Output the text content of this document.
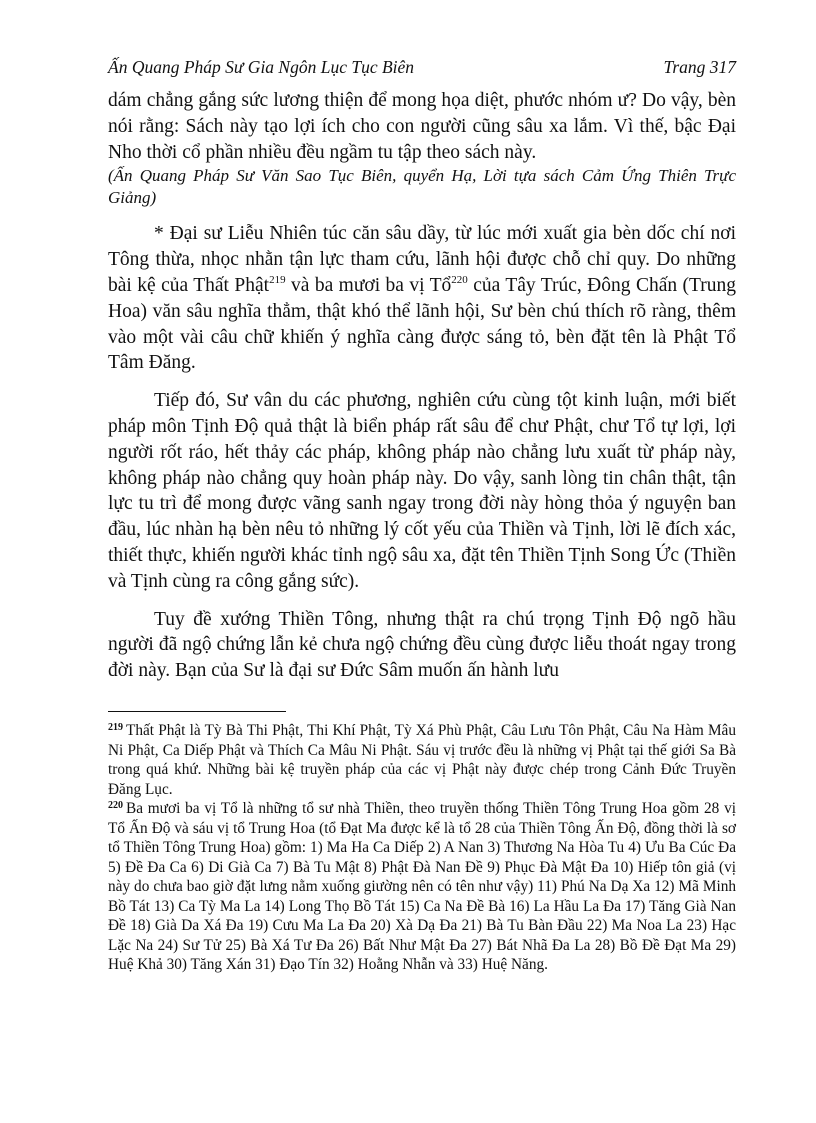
Ấn Quang Pháp Sư Gia Ngôn Lục Tục Biên	Trang 317

dám chẳng gắng sức lương thiện để mong họa diệt, phước nhóm ư? Do vậy, bèn nói rằng: Sách này tạo lợi ích cho con người cũng sâu xa lắm. Vì thế, bậc Đại Nho thời cổ phần nhiều đều ngầm tu tập theo sách này.

(Ấn Quang Pháp Sư Văn Sao Tục Biên, quyển Hạ, Lời tựa sách Cảm Ứng Thiên Trực Giảng)

* Đại sư Liễu Nhiên túc căn sâu dầy, từ lúc mới xuất gia bèn dốc chí nơi Tông thừa, nhọc nhằn tận lực tham cứu, lãnh hội được chỗ chỉ quy. Do những bài kệ của Thất Phật$^{219}$ và ba mươi ba vị Tổ$^{220}$ của Tây Trúc, Đông Chấn (Trung Hoa) văn sâu nghĩa thẳm, thật khó thể lãnh hội, Sư bèn chú thích rõ ràng, thêm vào một vài câu chữ khiến ý nghĩa càng được sáng tỏ, bèn đặt tên là Phật Tổ Tâm Đăng.

Tiếp đó, Sư vân du các phương, nghiên cứu cùng tột kinh luận, mới biết pháp môn Tịnh Độ quả thật là biển pháp rất sâu để chư Phật, chư Tổ tự lợi, lợi người rốt ráo, hết thảy các pháp, không pháp nào chẳng lưu xuất từ pháp này, không pháp nào chẳng quy hoàn pháp này. Do vậy, sanh lòng tin chân thật, tận lực tu trì để mong được vãng sanh ngay trong đời này hòng thỏa ý nguyện ban đầu, lúc nhàn hạ bèn nêu tỏ những lý cốt yếu của Thiền và Tịnh, lời lẽ đích xác, thiết thực, khiến người khác tỉnh ngộ sâu xa, đặt tên Thiền Tịnh Song Ức (Thiền và Tịnh cùng ra công gắng sức).

Tuy đề xướng Thiền Tông, nhưng thật ra chú trọng Tịnh Độ ngõ hầu người đã ngộ chứng lẫn kẻ chưa ngộ chứng đều cùng được liễu thoát ngay trong đời này. Bạn của Sư là đại sư Đức Sâm muốn ấn hành lưu

$^{219}$ Thất Phật là Tỳ Bà Thi Phật, Thi Khí Phật, Tỳ Xá Phù Phật, Câu Lưu Tôn Phật, Câu Na Hàm Mâu Ni Phật, Ca Diếp Phật và Thích Ca Mâu Ni Phật. Sáu vị trước đều là những vị Phật tại thế giới Sa Bà trong quá khứ. Những bài kệ truyền pháp của các vị Phật này được chép trong Cảnh Đức Truyền Đăng Lục.

$^{220}$ Ba mươi ba vị Tổ là những tổ sư nhà Thiền, theo truyền thống Thiền Tông Trung Hoa gồm 28 vị Tổ Ấn Độ và sáu vị tổ Trung Hoa (tổ Đạt Ma được kể là tổ 28 của Thiền Tông Ấn Độ, đồng thời là sơ tổ Thiền Tông Trung Hoa) gồm: 1) Ma Ha Ca Diếp 2) A Nan 3) Thương Na Hòa Tu 4) Ưu Ba Cúc Đa 5) Đề Đa Ca 6) Di Già Ca 7) Bà Tu Mật 8) Phật Đà Nan Đề 9) Phục Đà Mật Đa 10) Hiếp tôn giả (vị này do chưa bao giờ đặt lưng nằm xuống giường nên có tên như vậy) 11) Phú Na Dạ Xa 12) Mã Minh Bồ Tát 13) Ca Tỳ Ma La 14) Long Thọ Bồ Tát 15) Ca Na Đề Bà 16) La Hầu La Đa 17) Tăng Già Nan Đề 18) Già Da Xá Đa 19) Cưu Ma La Đa 20) Xà Dạ Đa 21) Bà Tu Bàn Đầu 22) Ma Noa La 23) Hạc Lặc Na 24) Sư Tử 25) Bà Xá Tư Đa 26) Bất Như Mật Đa 27) Bát Nhã Đa La 28) Bồ Đề Đạt Ma 29) Huệ Khả 30) Tăng Xán 31) Đạo Tín 32) Hoằng Nhẫn và 33) Huệ Năng.
